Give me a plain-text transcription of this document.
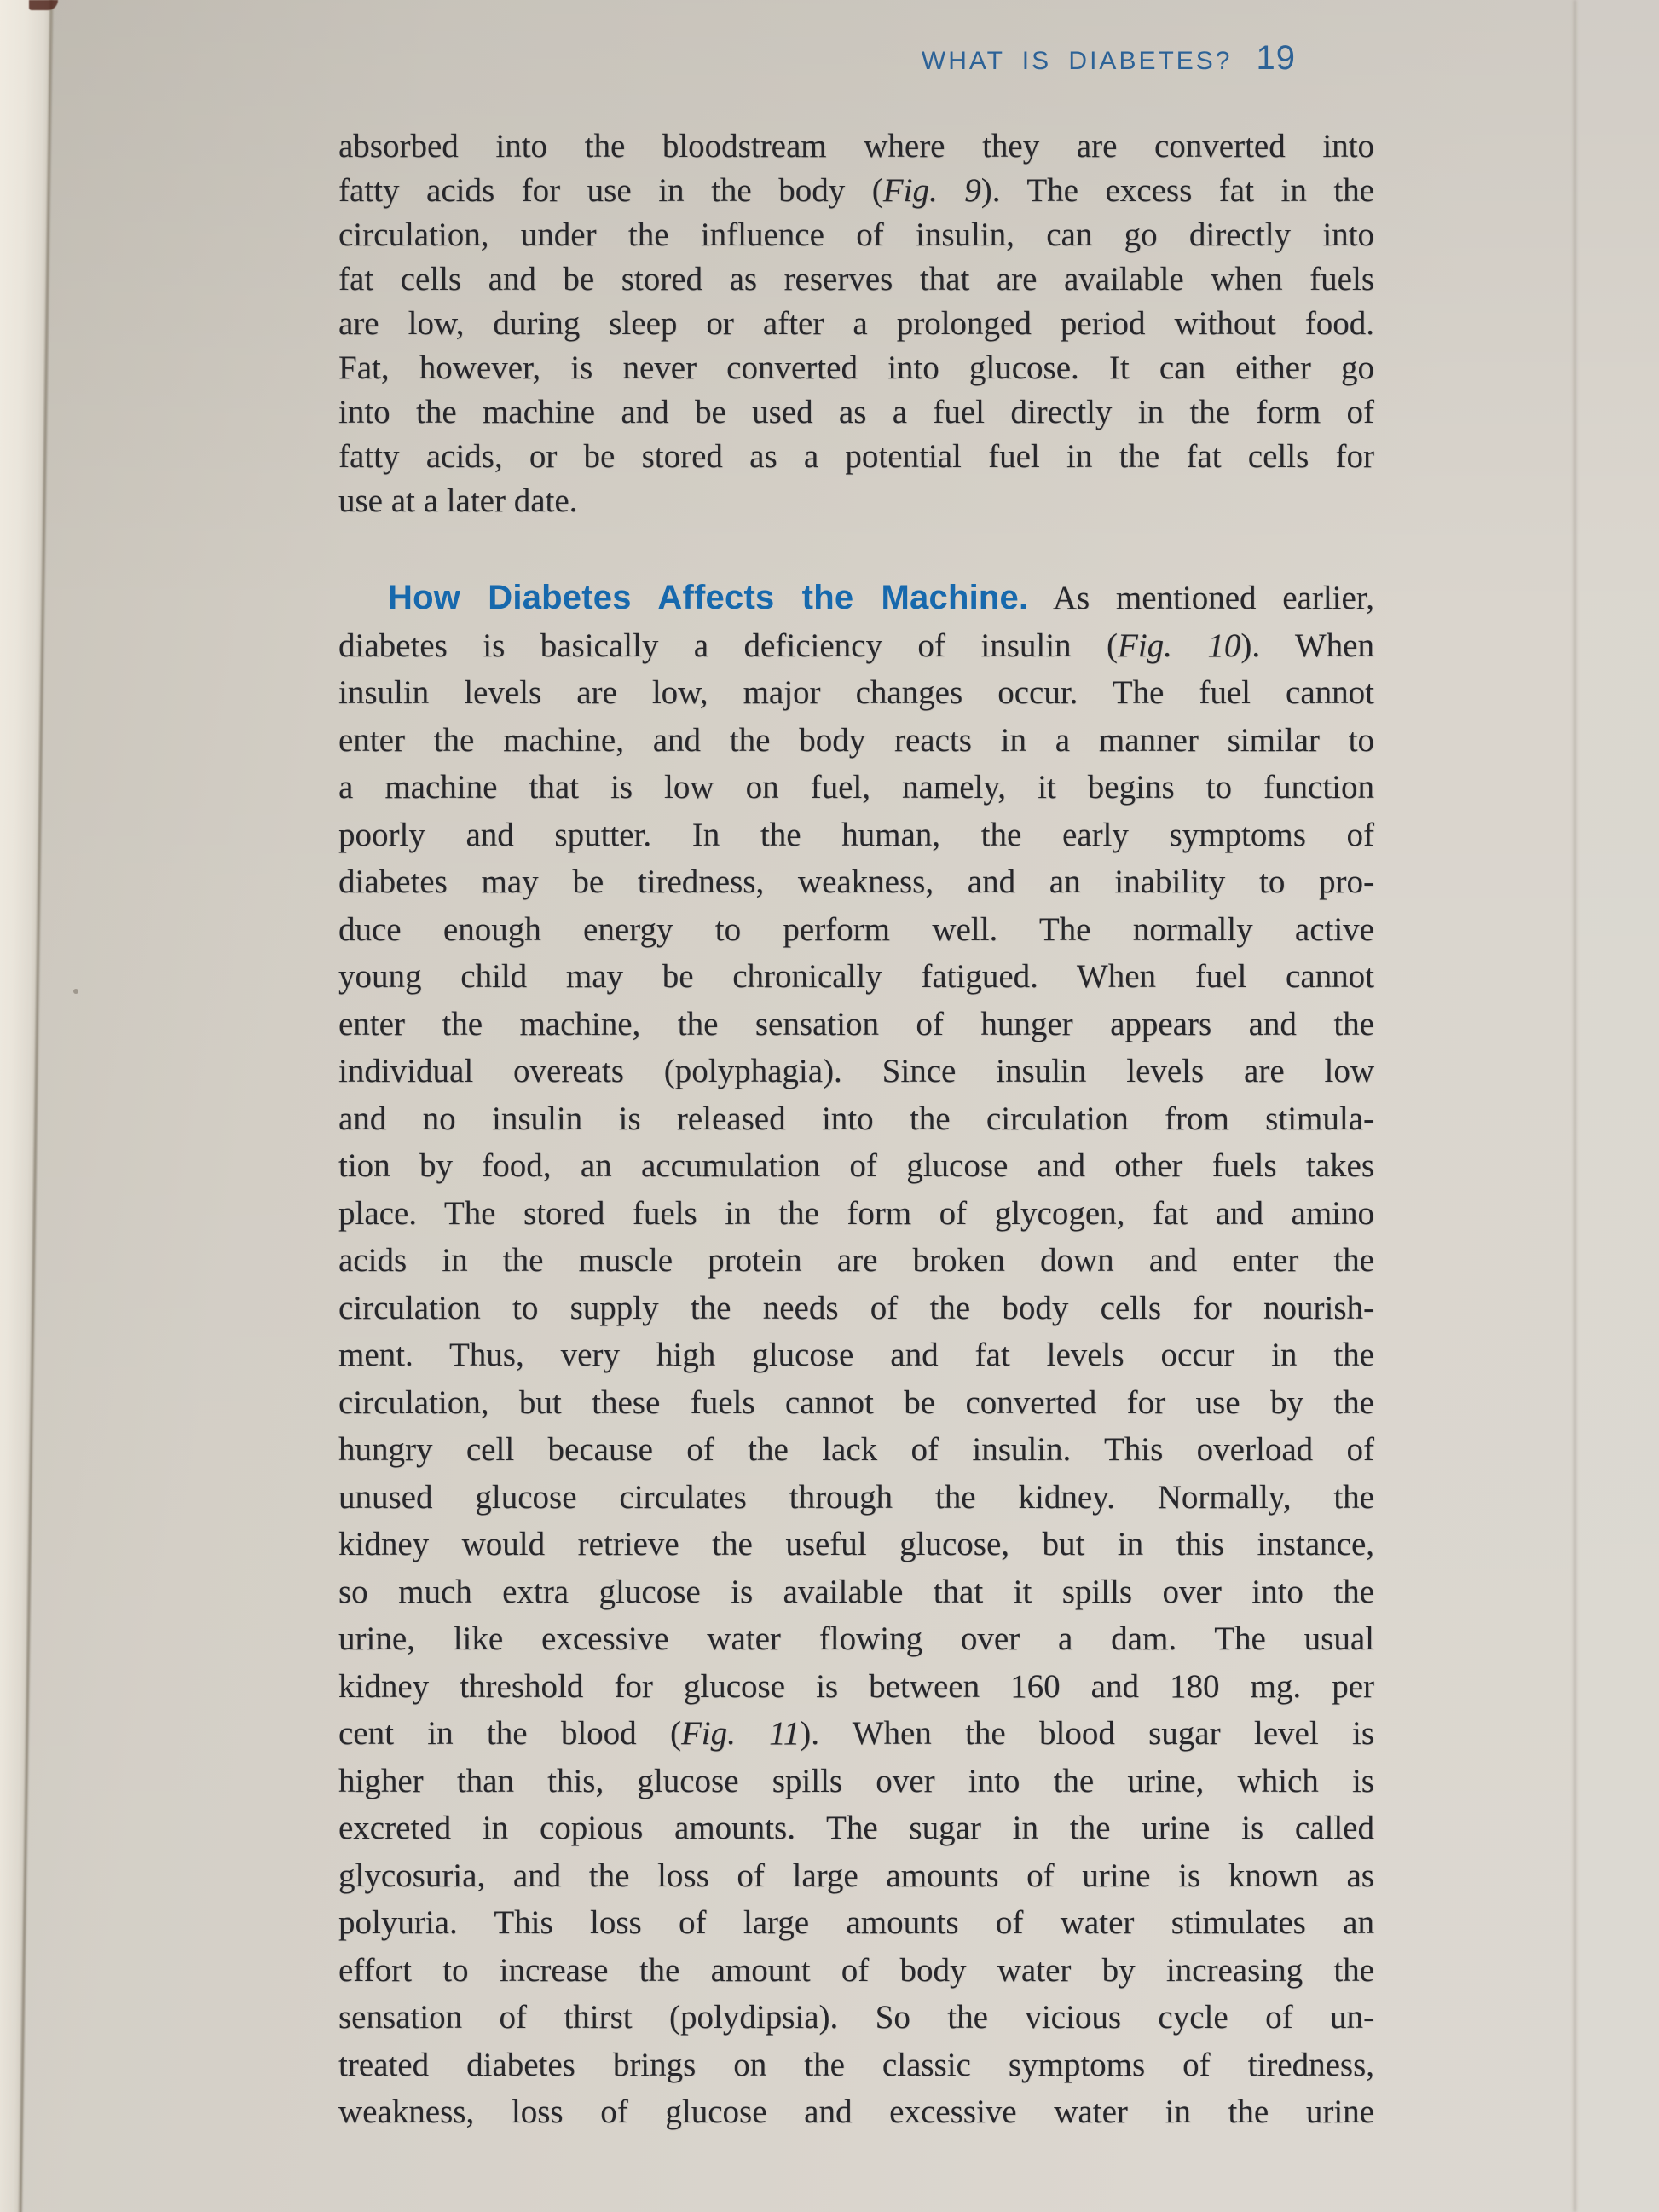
WHAT IS DIABETES? 19
absorbed into the bloodstream where they are converted into
fatty acids for use in the body (Fig. 9). The excess fat in the
circulation, under the influence of insulin, can go directly into
fat cells and be stored as reserves that are available when fuels
are low, during sleep or after a prolonged period without food.
Fat, however, is never converted into glucose. It can either go
into the machine and be used as a fuel directly in the form of
fatty acids, or be stored as a potential fuel in the fat cells for
use at a later date.
How Diabetes Affects the Machine. As mentioned earlier,
diabetes is basically a deficiency of insulin (Fig. 10). When
insulin levels are low, major changes occur. The fuel cannot
enter the machine, and the body reacts in a manner similar to
a machine that is low on fuel, namely, it begins to function
poorly and sputter. In the human, the early symptoms of
diabetes may be tiredness, weakness, and an inability to pro-
duce enough energy to perform well. The normally active
young child may be chronically fatigued. When fuel cannot
enter the machine, the sensation of hunger appears and the
individual overeats (polyphagia). Since insulin levels are low
and no insulin is released into the circulation from stimula-
tion by food, an accumulation of glucose and other fuels takes
place. The stored fuels in the form of glycogen, fat and amino
acids in the muscle protein are broken down and enter the
circulation to supply the needs of the body cells for nourish-
ment. Thus, very high glucose and fat levels occur in the
circulation, but these fuels cannot be converted for use by the
hungry cell because of the lack of insulin. This overload of
unused glucose circulates through the kidney. Normally, the
kidney would retrieve the useful glucose, but in this instance,
so much extra glucose is available that it spills over into the
urine, like excessive water flowing over a dam. The usual
kidney threshold for glucose is between 160 and 180 mg. per
cent in the blood (Fig. 11). When the blood sugar level is
higher than this, glucose spills over into the urine, which is
excreted in copious amounts. The sugar in the urine is called
glycosuria, and the loss of large amounts of urine is known as
polyuria. This loss of large amounts of water stimulates an
effort to increase the amount of body water by increasing the
sensation of thirst (polydipsia). So the vicious cycle of un-
treated diabetes brings on the classic symptoms of tiredness,
weakness, loss of glucose and excessive water in the urine
